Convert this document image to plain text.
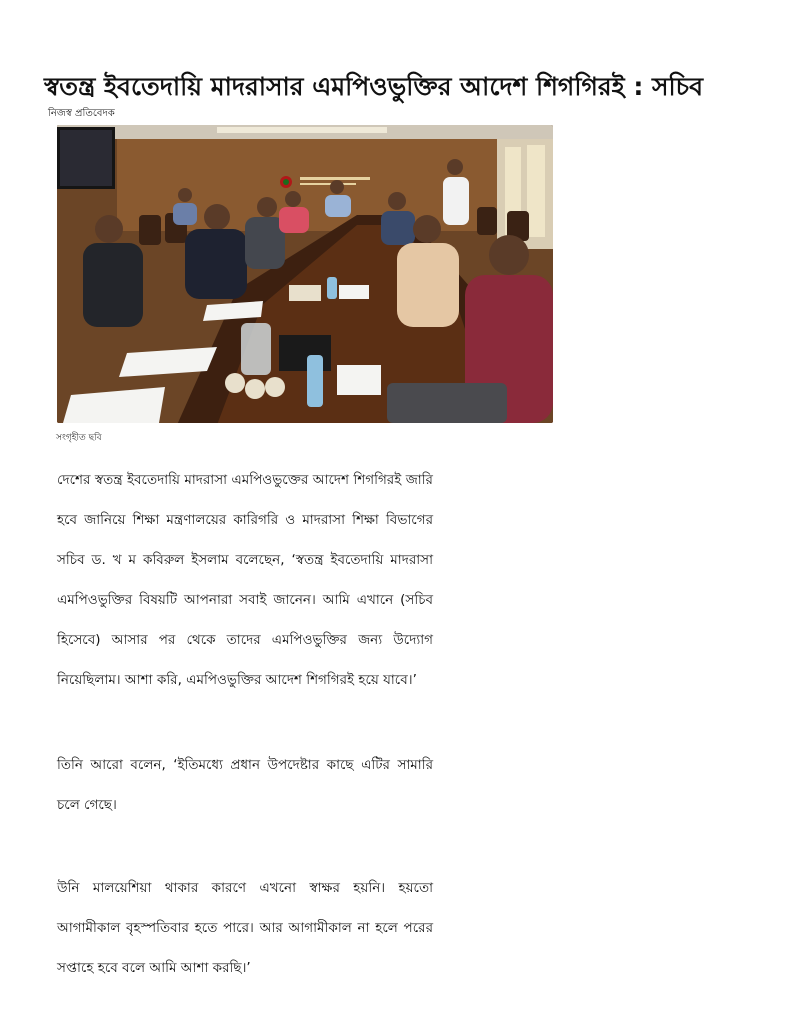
স্বতন্ত্র ইবতেদায়ি মাদরাসার এমপিওভুক্তির আদেশ শিগগিরই : সচিব
নিজস্ব প্রতিবেদক
সংগৃহীত ছবি

দেশের স্বতন্ত্র ইবতেদায়ি মাদরাসা এমপিওভুক্তের আদেশ শিগগিরই জারি হবে জানিয়ে শিক্ষা মন্ত্রণালয়ের কারিগরি ও মাদরাসা শিক্ষা বিভাগের সচিব ড. খ ম কবিরুল ইসলাম বলেছেন, ‘স্বতন্ত্র ইবতেদায়ি মাদরাসা এমপিওভুক্তির বিষয়টি আপনারা সবাই জানেন। আমি এখানে (সচিব হিসেবে) আসার পর থেকে তাদের এমপিওভুক্তির জন্য উদ্যোগ নিয়েছিলাম। আশা করি, এমপিওভুক্তির আদেশ শিগগিরই হয়ে যাবে।’

তিনি আরো বলেন, ‘ইতিমধ্যে প্রধান উপদেষ্টার কাছে এটির সামারি চলে গেছে।

উনি মালয়েশিয়া থাকার কারণে এখনো স্বাক্ষর হয়নি। হয়তো আগামীকাল বৃহস্পতিবার হতে পারে। আর আগামীকাল না হলে পরের সপ্তাহে হবে বলে আমি আশা করছি।’
